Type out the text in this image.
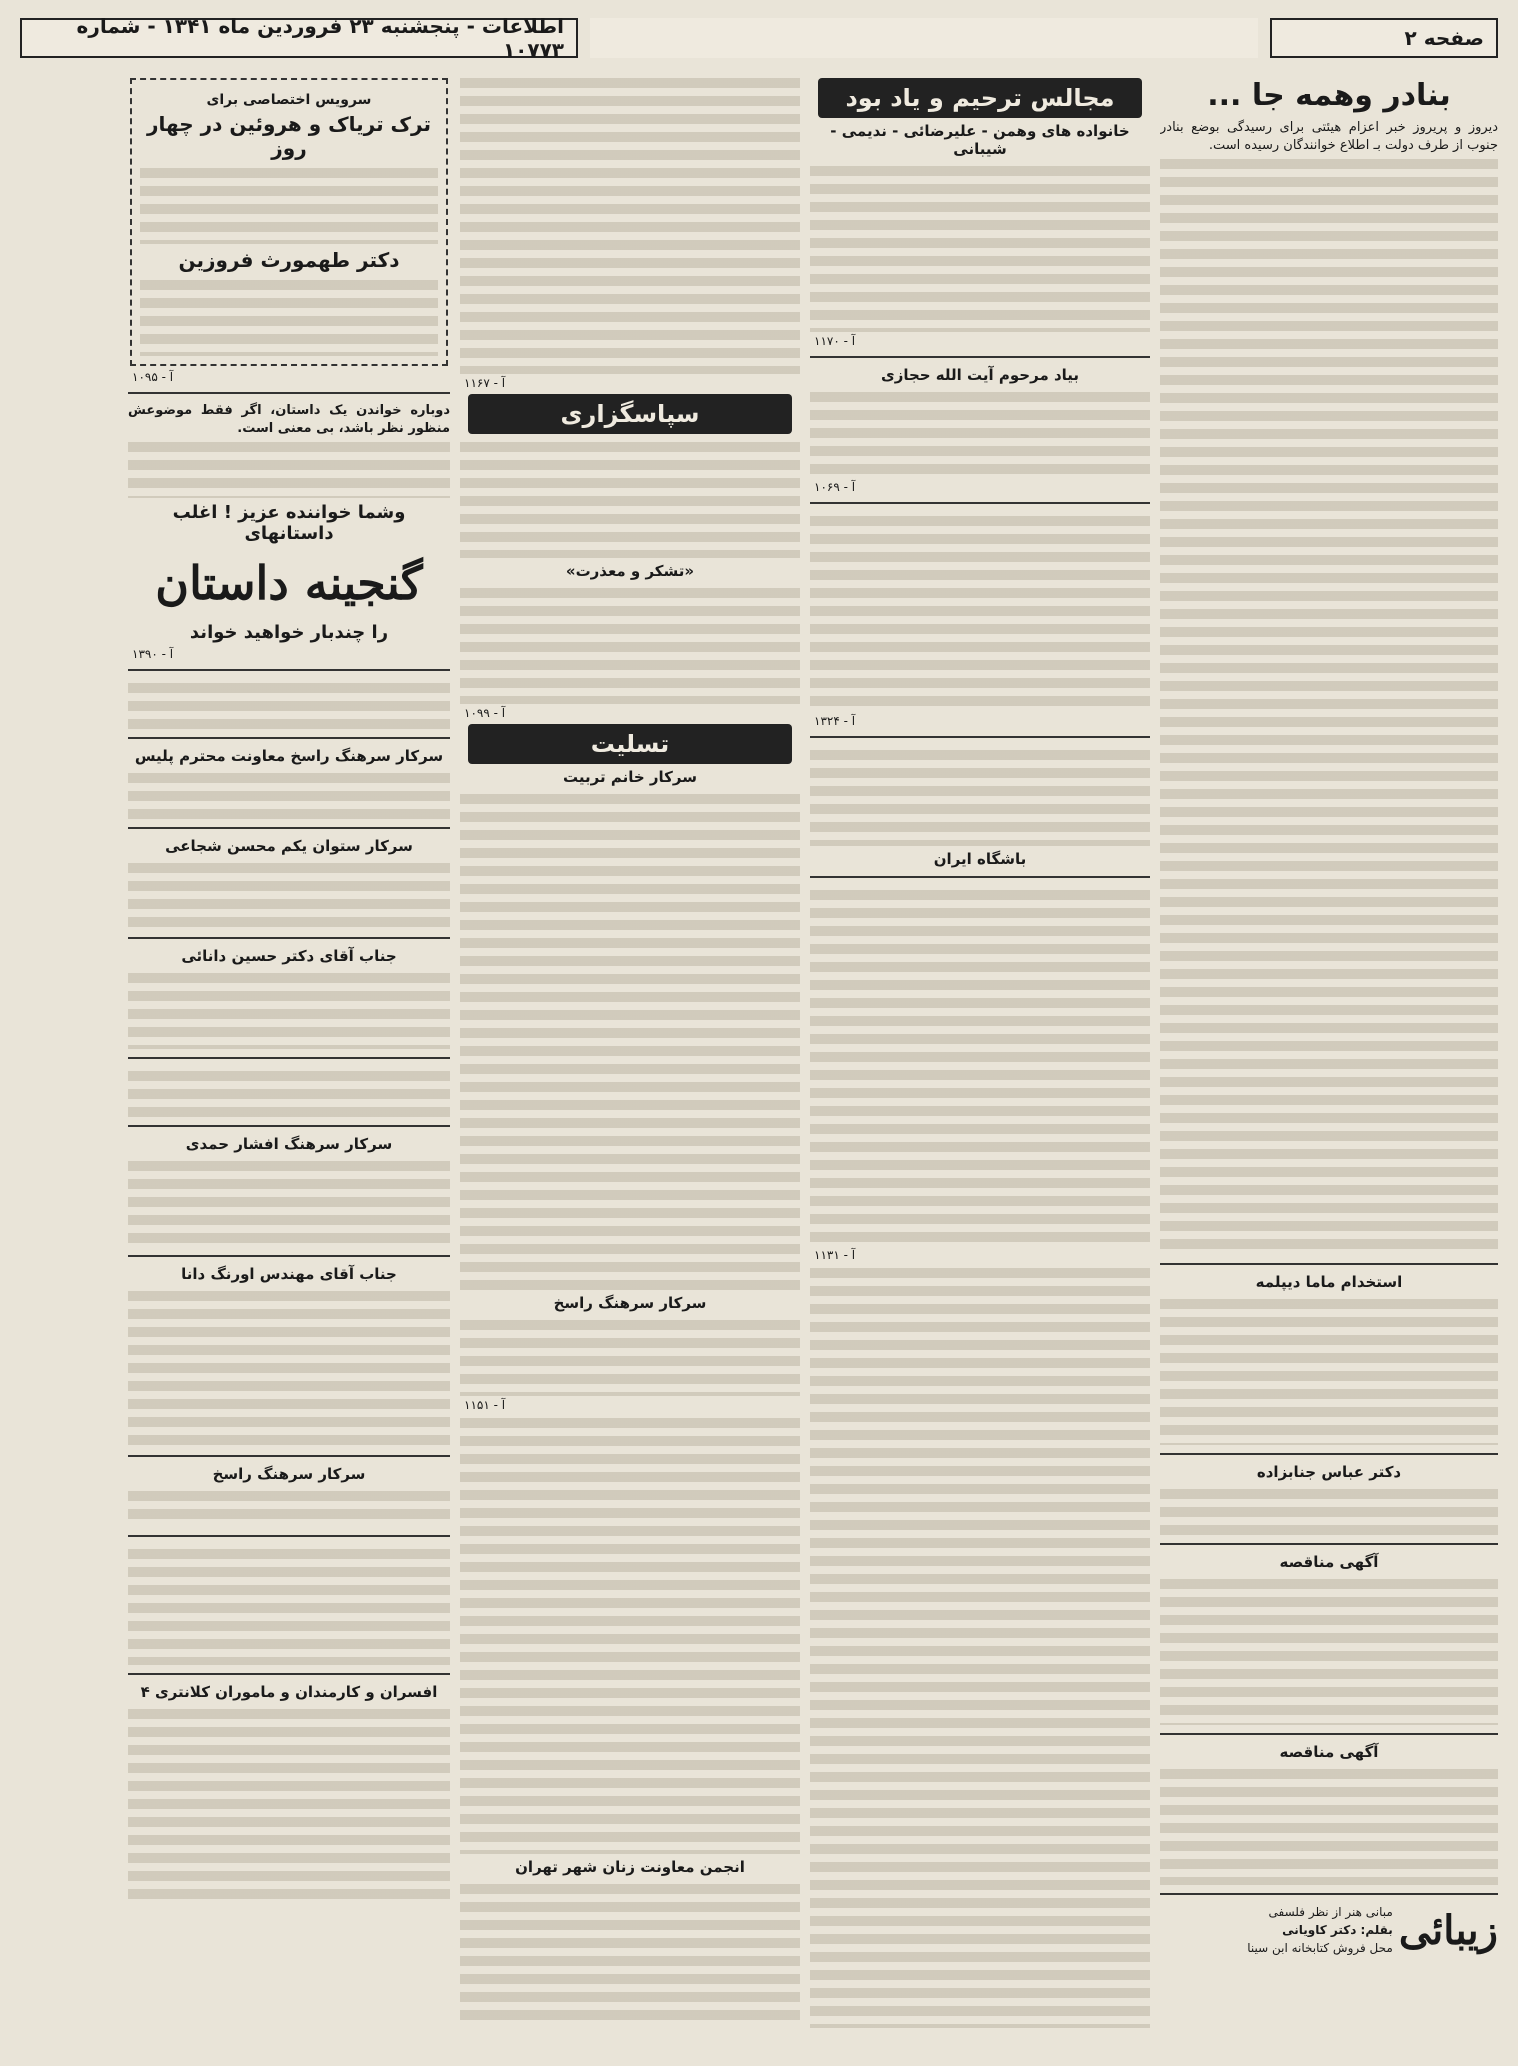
صفحه ۲
اطلاعات - پنجشنبه ۲۳ فروردین ماه ۱۳۴۱ - شماره ۱۰۷۷۳
بنادر وهمه جا ...
دیروز و پریروز خبر اعزام هیئتی برای رسیدگی بوضع بنادر جنوب از طرف دولت بـ اطلاع خوانندگان رسیده است.
استخدام ماما دیپلمه
دکتر عباس جنابزاده
آگهی مناقصه
آگهی مناقصه
زیبائی
مبانی هنر از نظر فلسفی
بقلم: دکتر کاویانی
محل فروش کتابخانه ابن سینا
مجالس ترحیم و یاد بود
خانواده های وهمن - علیرضائی - ندیمی - شیبانی
آ - ۱۱۷۰
بیاد مرحوم آیت الله حجازی
آ - ۱۰۶۹
آ - ۱۳۲۴
باشگاه ایران
آ - ۱۱۳۱
آ - ۱۱۶۷
سپاسگزاری
«تشکر و معذرت»
آ - ۱۰۹۹
تسلیت
سرکار خانم تربیت
سرکار سرهنگ راسخ
آ - ۱۱۵۱
انجمن معاونت زنان شهر تهران
سرویس اختصاصی برای
ترک تریاک و هروئین در چهار روز
دکتر طهمورث فروزین
آ - ۱۰۹۵
دوباره خواندن یک داستان، اگر فقط موضوعش منظور نظر باشد، بی معنی است.
وشما خواننده عزیز ! اغلب داستانهای
گنجینه داستان
را چندبار خواهید خواند
آ - ۱۳۹۰
سرکار سرهنگ راسخ معاونت محترم پلیس
سرکار ستوان یکم محسن شجاعی
جناب آقای دکتر حسین دانائی
سرکار سرهنگ افشار حمدی
جناب آقای مهندس اورنگ دانا
سرکار سرهنگ راسخ
افسران و کارمندان و ماموران کلانتری ۴
